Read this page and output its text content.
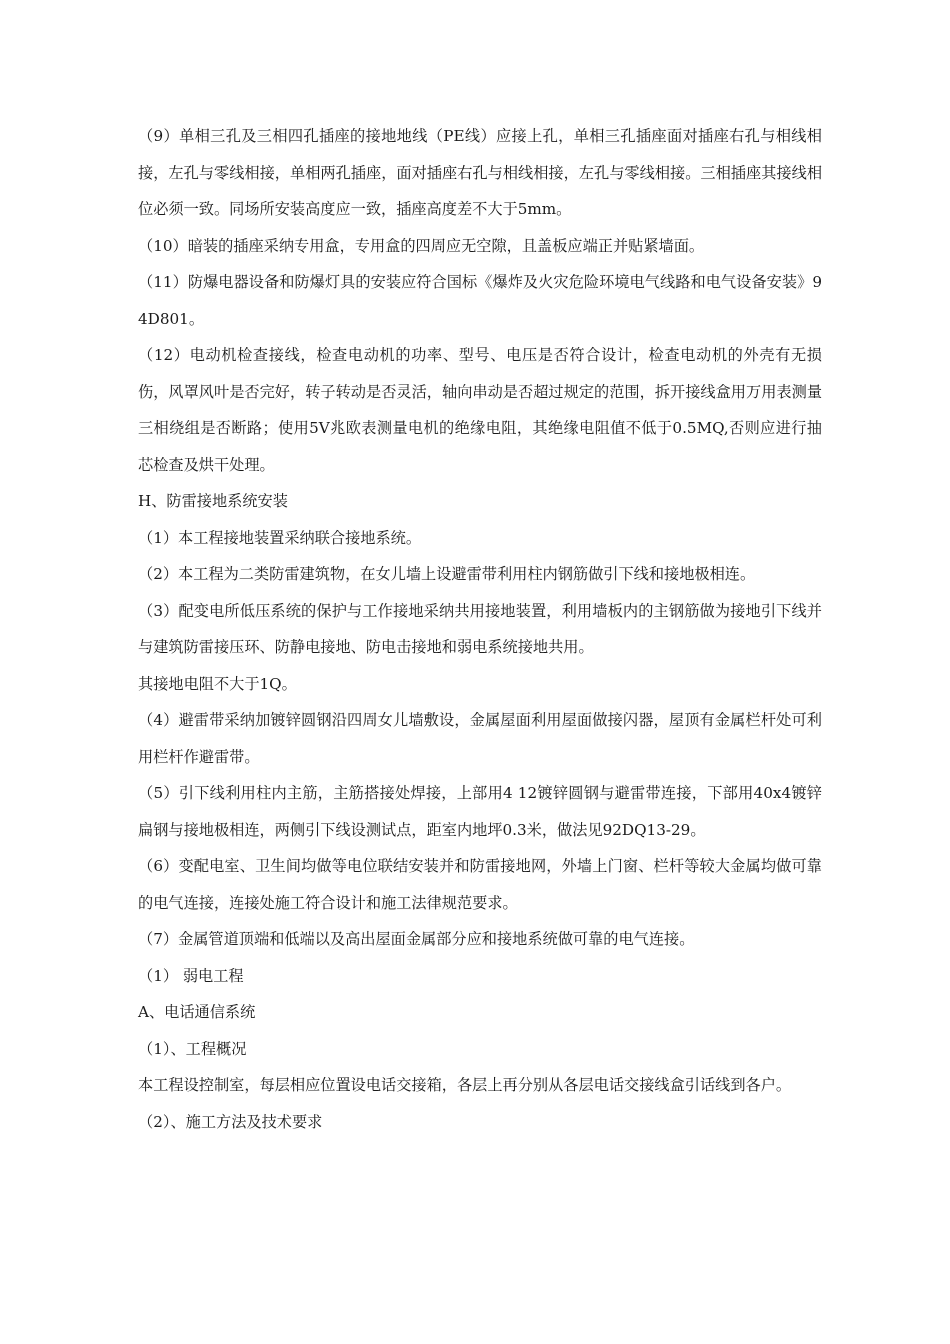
（9）单相三孔及三相四孔插座的接地地线（PE线）应接上孔，单相三孔插座面对插座右孔与相线相接，左孔与零线相接，单相两孔插座，面对插座右孔与相线相接，左孔与零线相接。三相插座其接线相位必须一致。同场所安装高度应一致，插座高度差不大于5mm。

（10）暗装的插座采纳专用盒，专用盒的四周应无空隙，且盖板应端正并贴紧墙面。

（11）防爆电器设备和防爆灯具的安装应符合国标《爆炸及火灾危险环境电气线路和电气设备安装》94D801。

（12）电动机检查接线，检查电动机的功率、型号、电压是否符合设计，检查电动机的外壳有无损伤，风罩风叶是否完好，转子转动是否灵活，轴向串动是否超过规定的范围，拆开接线盒用万用表测量三相绕组是否断路；使用5V兆欧表测量电机的绝缘电阻，其绝缘电阻值不低于0.5MQ,否则应进行抽芯检查及烘干处理。

H、防雷接地系统安装

（1）本工程接地装置采纳联合接地系统。

（2）本工程为二类防雷建筑物，在女儿墙上设避雷带利用柱内钢筋做引下线和接地极相连。

（3）配变电所低压系统的保护与工作接地采纳共用接地装置，利用墙板内的主钢筋做为接地引下线并与建筑防雷接压环、防静电接地、防电击接地和弱电系统接地共用。

其接地电阻不大于1Q。

（4）避雷带采纳加镀锌圆钢沿四周女儿墙敷设，金属屋面利用屋面做接闪器，屋顶有金属栏杆处可利用栏杆作避雷带。

（5）引下线利用柱内主筋，主筋搭接处焊接，上部用4 12镀锌圆钢与避雷带连接，下部用40x4镀锌扁钢与接地极相连，两侧引下线设测试点，距室内地坪0.3米，做法见92DQ13-29。

（6）变配电室、卫生间均做等电位联结安装并和防雷接地网，外墙上门窗、栏杆等较大金属均做可靠的电气连接，连接处施工符合设计和施工法律规范要求。

（7）金属管道顶端和低端以及高出屋面金属部分应和接地系统做可靠的电气连接。

（1） 弱电工程

A、电话通信系统

（1）、工程概况

本工程设控制室，每层相应位置设电话交接箱，各层上再分别从各层电话交接线盒引话线到各户。

（2）、施工方法及技术要求
